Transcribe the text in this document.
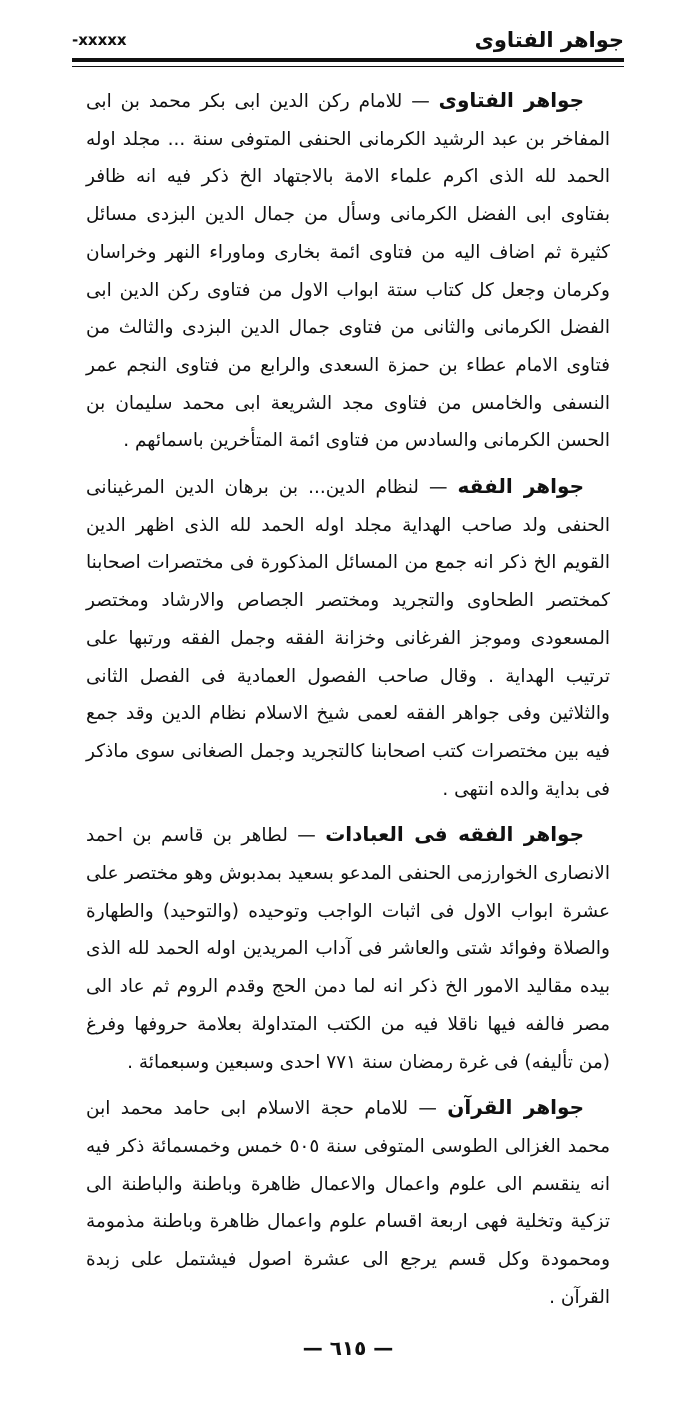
جواهر الفتاوى
-xxxxx

جواهر الفتاوى — للامام ركن الدين ابى بكر محمد بن ابى المفاخر بن عبد الرشيد الكرمانى الحنفى المتوفى سنة ... مجلد اوله الحمد لله الذى اكرم علماء الامة بالاجتهاد الخ ذكر فيه انه ظافر بفتاوى ابى الفضل الكرمانى وسأل من جمال الدين البزدى مسائل كثيرة ثم اضاف اليه من فتاوى ائمة بخارى وماوراء النهر وخراسان وكرمان وجعل كل كتاب ستة ابواب الاول من فتاوى ركن الدين ابى الفضل الكرمانى والثانى من فتاوى جمال الدين البزدى والثالث من فتاوى الامام عطاء بن حمزة السعدى والرابع من فتاوى النجم عمر النسفى والخامس من فتاوى مجد الشريعة ابى محمد سليمان بن الحسن الكرمانى والسادس من فتاوى ائمة المتأخرين باسمائهم .

جواهر الفقه — لنظام الدين... بن برهان الدين المرغينانى الحنفى ولد صاحب الهداية مجلد اوله الحمد لله الذى اظهر الدين القويم الخ ذكر انه جمع من المسائل المذكورة فى مختصرات اصحابنا كمختصر الطحاوى والتجريد ومختصر الجصاص والارشاد ومختصر المسعودى وموجز الفرغانى وخزانة الفقه وجمل الفقه ورتبها على ترتيب الهداية . وقال صاحب الفصول العمادية فى الفصل الثانى والثلاثين وفى جواهر الفقه لعمى شيخ الاسلام نظام الدين وقد جمع فيه بين مختصرات كتب اصحابنا كالتجريد وجمل الصغانى سوى ماذكر فى بداية والده انتهى .

جواهر الفقه فى العبادات — لطاهر بن قاسم بن احمد الانصارى الخوارزمى الحنفى المدعو بسعيد بمدبوش وهو مختصر على عشرة ابواب الاول فى اثبات الواجب وتوحيده (والتوحيد) والطهارة والصلاة وفوائد شتى والعاشر فى آداب المريدين اوله الحمد لله الذى بيده مقاليد الامور الخ ذكر انه لما دمن الحج وقدم الروم ثم عاد الى مصر فالفه فيها ناقلا فيه من الكتب المتداولة بعلامة حروفها وفرغ (من تأليفه) فى غرة رمضان سنة ٧٧١ احدى وسبعين وسبعمائة .

جواهر القرآن — للامام حجة الاسلام ابى حامد محمد ابن محمد الغزالى الطوسى المتوفى سنة ٥٠٥ خمس وخمسمائة ذكر فيه انه ينقسم الى علوم واعمال والاعمال ظاهرة وباطنة والباطنة الى تزكية وتخلية فهى اربعة اقسام علوم واعمال ظاهرة وباطنة مذمومة ومحمودة وكل قسم يرجع الى عشرة اصول فيشتمل على زبدة القرآن .

— ٦١٥ —
